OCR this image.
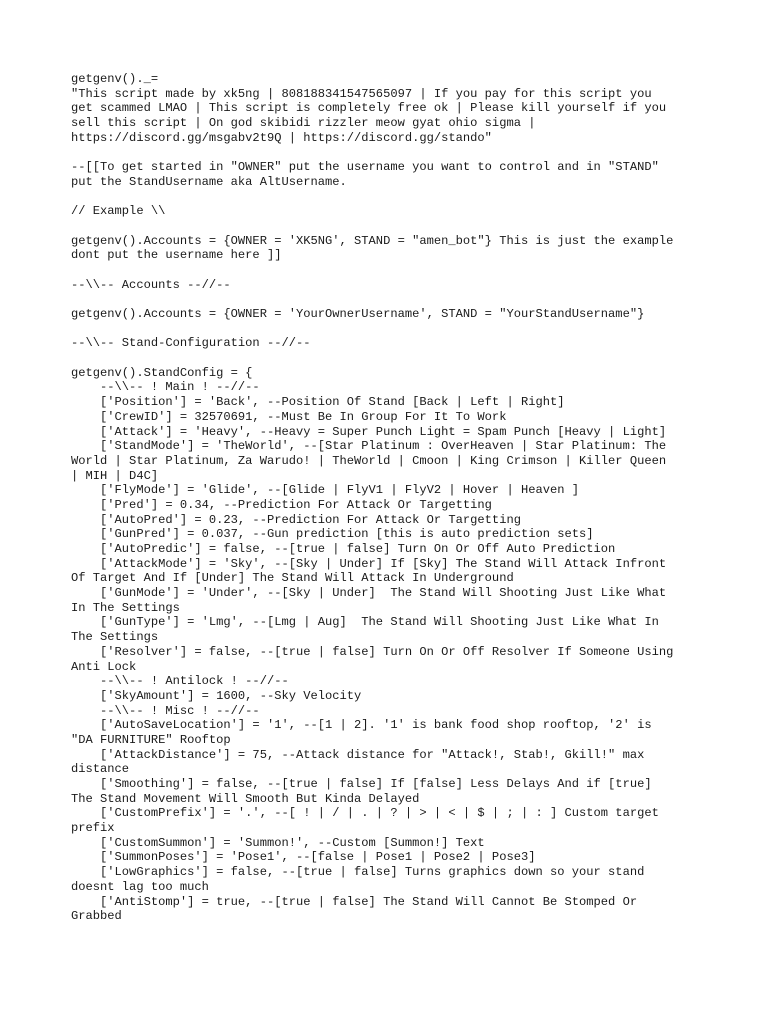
getgenv()._=
"This script made by xk5ng | 808188341547565097 | If you pay for this script you
get scammed LMAO | This script is completely free ok | Please kill yourself if you
sell this script | On god skibidi rizzler meow gyat ohio sigma |
https://discord.gg/msgabv2t9Q | https://discord.gg/stando"
--[[To get started in "OWNER" put the username you want to control and in "STAND"
put the StandUsername aka AltUsername.
// Example \\
getgenv().Accounts = {OWNER = 'XK5NG', STAND = "amen_bot"} This is just the example
dont put the username here ]]
--\\-- Accounts --//--
getgenv().Accounts = {OWNER = 'YourOwnerUsername', STAND = "YourStandUsername"}
--\\-- Stand-Configuration --//--
getgenv().StandConfig = {
--\\-- ! Main ! --//--
['Position'] = 'Back', --Position Of Stand [Back | Left | Right]
['CrewID'] = 32570691, --Must Be In Group For It To Work
['Attack'] = 'Heavy', --Heavy = Super Punch Light = Spam Punch [Heavy | Light]
['StandMode'] = 'TheWorld', --[Star Platinum : OverHeaven | Star Platinum: The
World | Star Platinum, Za Warudo! | TheWorld | Cmoon | King Crimson | Killer Queen
| MIH | D4C]
['FlyMode'] = 'Glide', --[Glide | FlyV1 | FlyV2 | Hover | Heaven ]
['Pred'] = 0.34, --Prediction For Attack Or Targetting
['AutoPred'] = 0.23, --Prediction For Attack Or Targetting
['GunPred'] = 0.037, --Gun prediction [this is auto prediction sets]
['AutoPredic'] = false, --[true | false] Turn On Or Off Auto Prediction
['AttackMode'] = 'Sky', --[Sky | Under] If [Sky] The Stand Will Attack Infront
Of Target And If [Under] The Stand Will Attack In Underground
['GunMode'] = 'Under', --[Sky | Under]  The Stand Will Shooting Just Like What
In The Settings
['GunType'] = 'Lmg', --[Lmg | Aug]  The Stand Will Shooting Just Like What In
The Settings
['Resolver'] = false, --[true | false] Turn On Or Off Resolver If Someone Using
Anti Lock
--\\-- ! Antilock ! --//--
['SkyAmount'] = 1600, --Sky Velocity
--\\-- ! Misc ! --//--
['AutoSaveLocation'] = '1', --[1 | 2]. '1' is bank food shop rooftop, '2' is
"DA FURNITURE" Rooftop
['AttackDistance'] = 75, --Attack distance for "Attack!, Stab!, Gkill!" max
distance
['Smoothing'] = false, --[true | false] If [false] Less Delays And if [true]
The Stand Movement Will Smooth But Kinda Delayed
['CustomPrefix'] = '.', --[ ! | / | . | ? | > | < | $ | ; | : ] Custom target
prefix
['CustomSummon'] = 'Summon!', --Custom [Summon!] Text
['SummonPoses'] = 'Pose1', --[false | Pose1 | Pose2 | Pose3]
['LowGraphics'] = false, --[true | false] Turns graphics down so your stand
doesnt lag too much
['AntiStomp'] = true, --[true | false] The Stand Will Cannot Be Stomped Or
Grabbed
